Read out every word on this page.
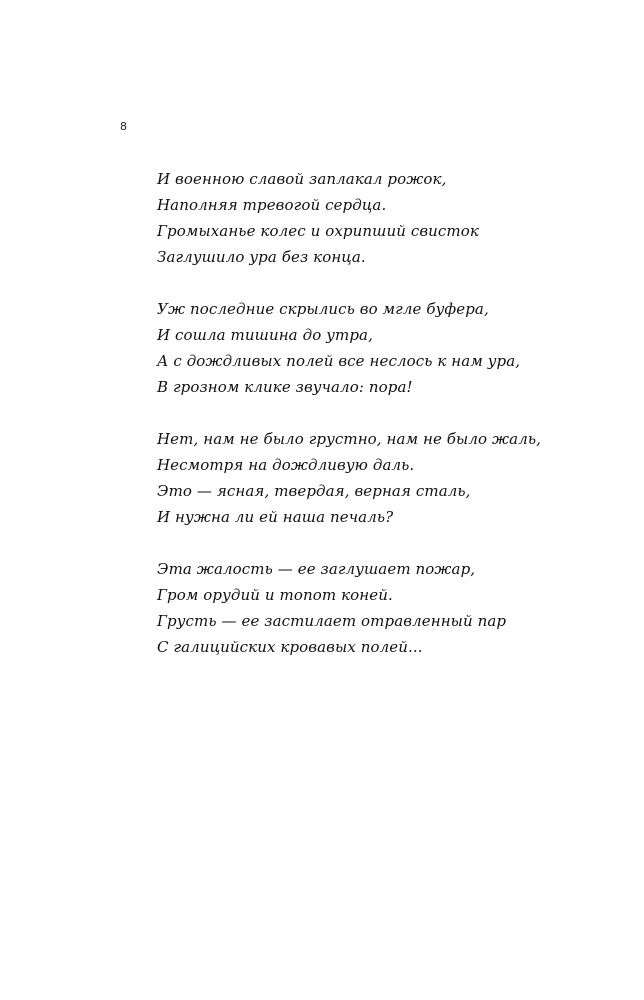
8
И военною славой заплакал рожок,
Наполняя тревогой сердца.
Громыханье колес и охрипший свисток
Заглушило ура без конца.
Уж последние скрылись во мгле буфера,
И сошла тишина до утра,
А с дождливых полей все неслось к нам ура,
В грозном клике звучало: пора!
Нет, нам не было грустно, нам не было жаль,
Несмотря на дождливую даль.
Это — ясная, твердая, верная сталь,
И нужна ли ей наша печаль?
Эта жалость — ее заглушает пожар,
Гром орудий и топот коней.
Грусть — ее застилает отравленный пар
С галицийских кровавых полей...
